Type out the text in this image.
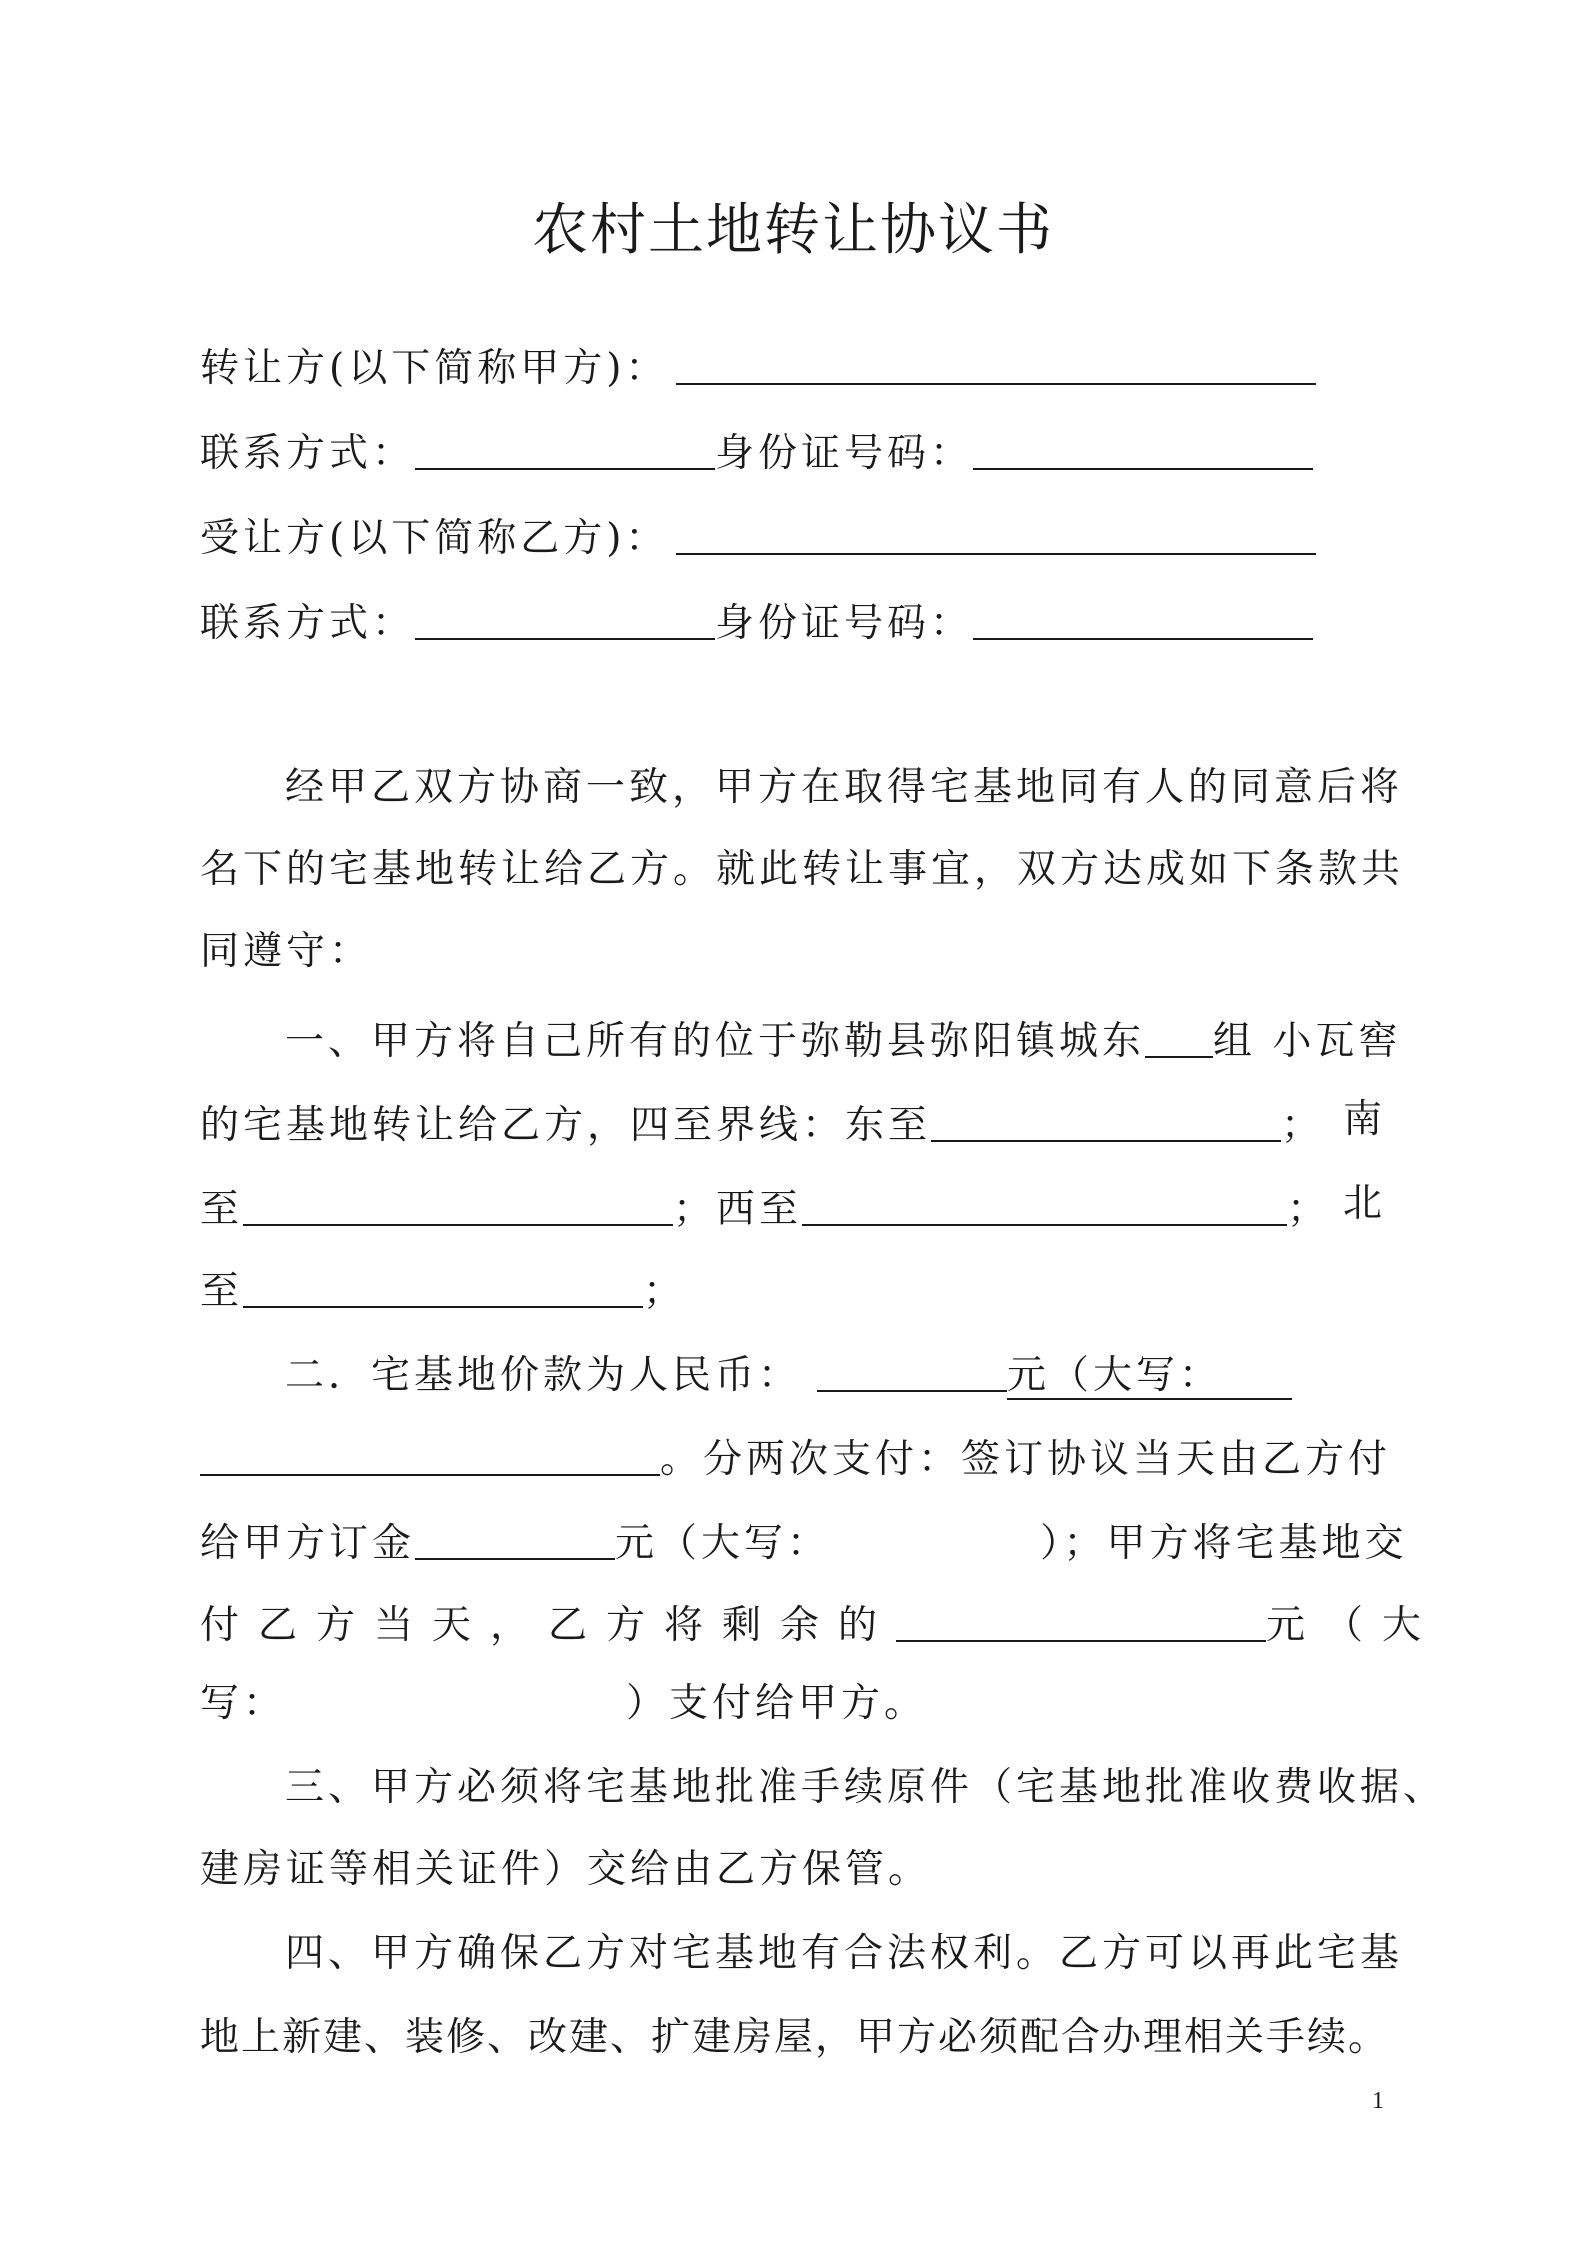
农村土地转让协议书
转让方(以下简称甲方)：
联系方式：	身份证号码：
受让方(以下简称乙方)：
联系方式：	身份证号码：
经甲乙双方协商一致，甲方在取得宅基地同有人的同意后将
名下的宅基地转让给乙方。就此转让事宜，双方达成如下条款共
同遵守：
一、甲方将自己所有的位于弥勒县弥阳镇城东 组 小瓦窖
的宅基地转让给乙方，四至界线：东至	； 南
至	；西至	； 北
至	；
二．宅基地价款为人民币：	元（大写：
。分两次支付：签订协议当天由乙方付
给甲方订金	元（大写：	）；甲方将宅基地交
付乙方当天，乙方将剩余的	元（大
写：	）支付给甲方。
三、甲方必须将宅基地批准手续原件（宅基地批准收费收据、
建房证等相关证件）交给由乙方保管。
四、甲方确保乙方对宅基地有合法权利。乙方可以再此宅基
地上新建、装修、改建、扩建房屋，甲方必须配合办理相关手续。
1
